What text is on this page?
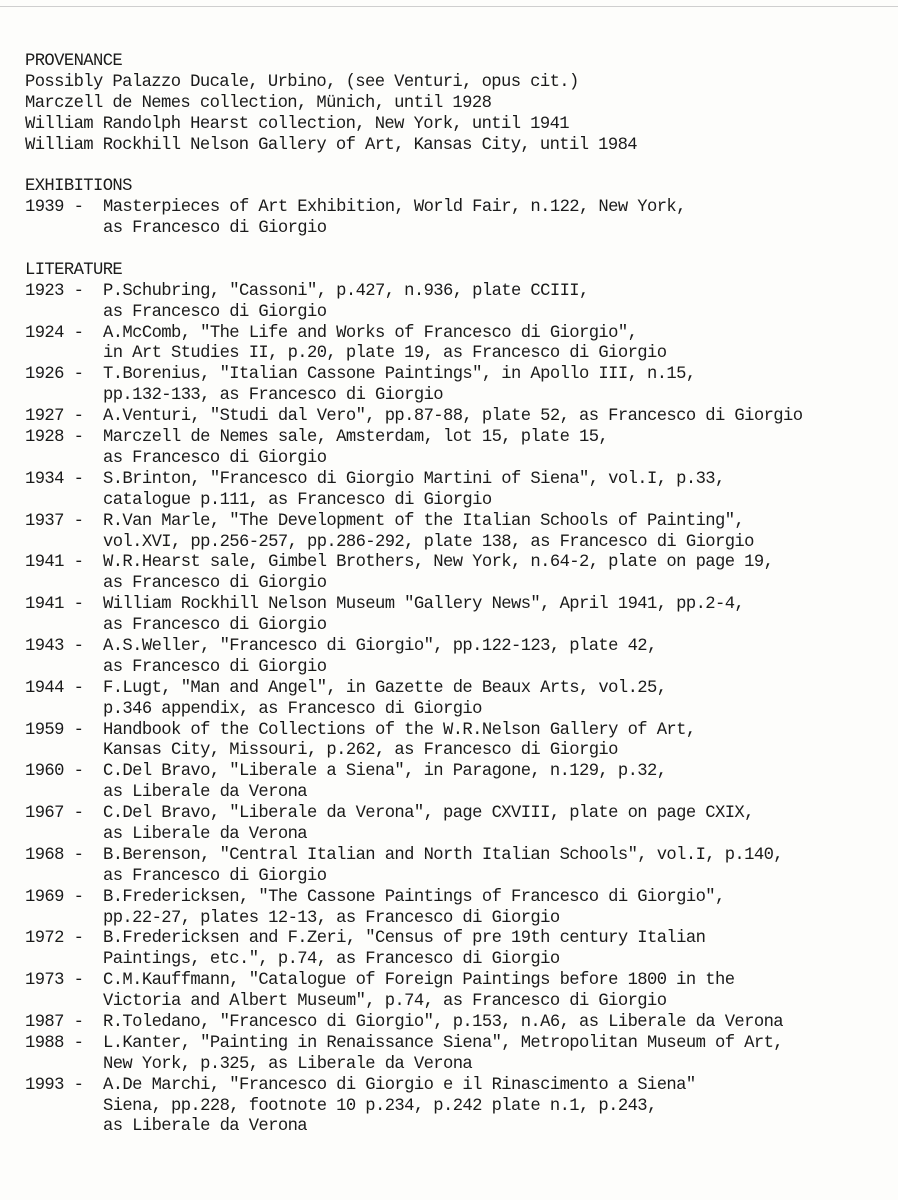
PROVENANCE
Possibly Palazzo Ducale, Urbino, (see Venturi, opus cit.)
Marczell de Nemes collection, Münich, until 1928
William Randolph Hearst collection, New York, until 1941
William Rockhill Nelson Gallery of Art, Kansas City, until 1984
EXHIBITIONS
1939 - Masterpieces of Art Exhibition, World Fair, n.122, New York,
as Francesco di Giorgio
LITERATURE
1923 - P.Schubring, "Cassoni", p.427, n.936, plate CCIII,
as Francesco di Giorgio
1924 - A.McComb, "The Life and Works of Francesco di Giorgio",
in Art Studies II, p.20, plate 19, as Francesco di Giorgio
1926 - T.Borenius, "Italian Cassone Paintings", in Apollo III, n.15,
pp.132-133, as Francesco di Giorgio
1927 - A.Venturi, "Studi dal Vero", pp.87-88, plate 52, as Francesco di Giorgio
1928 - Marczell de Nemes sale, Amsterdam, lot 15, plate 15,
as Francesco di Giorgio
1934 - S.Brinton, "Francesco di Giorgio Martini of Siena", vol.I, p.33,
catalogue p.111, as Francesco di Giorgio
1937 - R.Van Marle, "The Development of the Italian Schools of Painting",
vol.XVI, pp.256-257, pp.286-292, plate 138, as Francesco di Giorgio
1941 - W.R.Hearst sale, Gimbel Brothers, New York, n.64-2, plate on page 19,
as Francesco di Giorgio
1941 - William Rockhill Nelson Museum "Gallery News", April 1941, pp.2-4,
as Francesco di Giorgio
1943 - A.S.Weller, "Francesco di Giorgio", pp.122-123, plate 42,
as Francesco di Giorgio
1944 - F.Lugt, "Man and Angel", in Gazette de Beaux Arts, vol.25,
p.346 appendix, as Francesco di Giorgio
1959 - Handbook of the Collections of the W.R.Nelson Gallery of Art,
Kansas City, Missouri, p.262, as Francesco di Giorgio
1960 - C.Del Bravo, "Liberale a Siena", in Paragone, n.129, p.32,
as Liberale da Verona
1967 - C.Del Bravo, "Liberale da Verona", page CXVIII, plate on page CXIX,
as Liberale da Verona
1968 - B.Berenson, "Central Italian and North Italian Schools", vol.I, p.140,
as Francesco di Giorgio
1969 - B.Fredericksen, "The Cassone Paintings of Francesco di Giorgio",
pp.22-27, plates 12-13, as Francesco di Giorgio
1972 - B.Fredericksen and F.Zeri, "Census of pre 19th century Italian
Paintings, etc.", p.74, as Francesco di Giorgio
1973 - C.M.Kauffmann, "Catalogue of Foreign Paintings before 1800 in the
Victoria and Albert Museum", p.74, as Francesco di Giorgio
1987 - R.Toledano, "Francesco di Giorgio", p.153, n.A6, as Liberale da Verona
1988 - L.Kanter, "Painting in Renaissance Siena", Metropolitan Museum of Art,
New York, p.325, as Liberale da Verona
1993 - A.De Marchi, "Francesco di Giorgio e il Rinascimento a Siena"
Siena, pp.228, footnote 10 p.234, p.242 plate n.1, p.243,
as Liberale da Verona
